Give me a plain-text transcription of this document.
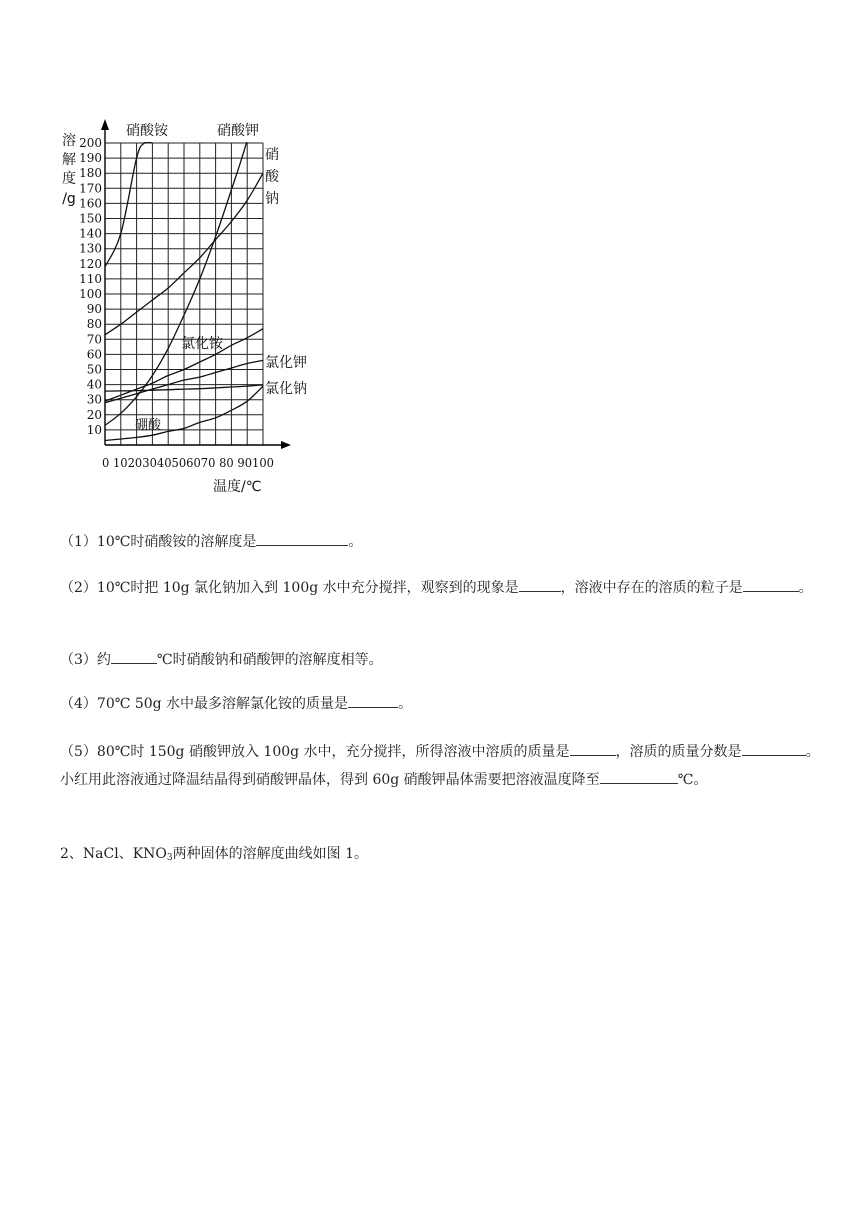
10
20
30
40
50
60
70
80
90
100
110
120
130
140
150
160
170
180
190
200
0 10203040506070 80 90100
溶
解
度
/g
温度/℃
硝酸铵	硝酸钾
硝
酸
钠
氯化铵
氯化钾
氯化钠
硼酸

（1）10℃时硝酸铵的溶解度是	。

（2）10℃时把 10g 氯化钠加入到 100g 水中充分搅拌，观察到的现象是	，溶液中存在的溶质的粒子是	。

（3）约	℃时硝酸钠和硝酸钾的溶解度相等。

（4）70℃ 50g 水中最多溶解氯化铵的质量是	。

（5）80℃时 150g 硝酸钾放入 100g 水中，充分搅拌，所得溶液中溶质的质量是	，溶质的质量分数是	。小红用此溶液通过降温结晶得到硝酸钾晶体，得到 60g 硝酸钾晶体需要把溶液温度降至	℃。

2、NaCl、$KNO_3$两种固体的溶解度曲线如图 1。
